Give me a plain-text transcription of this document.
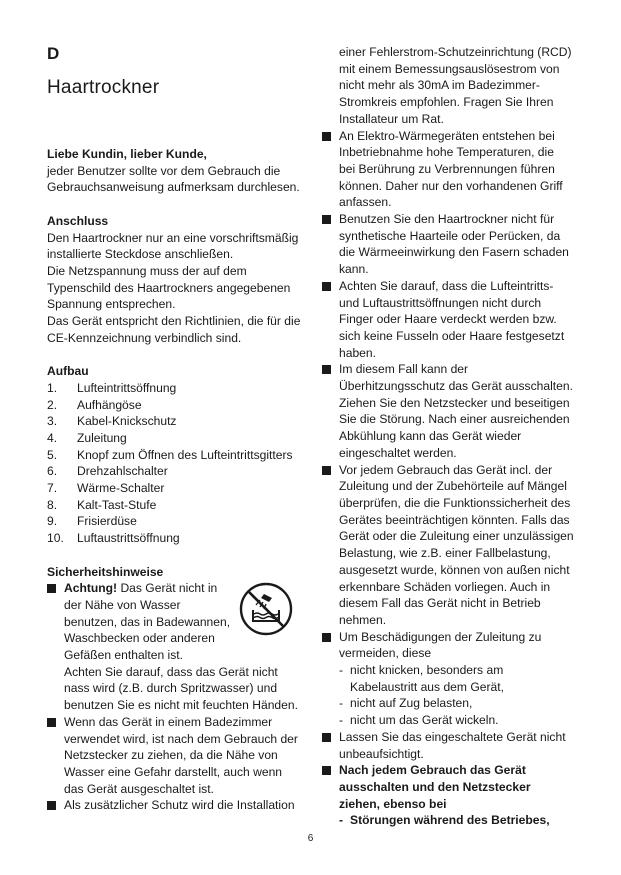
D
Haartrockner

Liebe Kundin, lieber Kunde,

jeder Benutzer sollte vor dem Gebrauch die

Gebrauchsanweisung aufmerksam durchlesen.

Anschluss

Den Haartrockner nur an eine vorschriftsmäßig

installierte Steckdose anschließen.

Die Netzspannung muss der auf dem

Typenschild des Haartrockners angegebenen

Spannung entsprechen.

Das Gerät entspricht den Richtlinien, die für die

CE-Kennzeichnung verbindlich sind.

Aufbau

1. Lufteintrittsöffnung
2. Aufhängöse
3. Kabel-Knickschutz
4. Zuleitung
5. Knopf zum Öffnen des Lufteintrittsgitters
6. Drehzahlschalter
7. Wärme-Schalter
8. Kalt-Tast-Stufe
9. Frisierdüse
10. Luftaustrittsöffnung

Sicherheitshinweise

Achtung! Das Gerät nicht in

der Nähe von Wasser

benutzen, das in Badewannen,

Waschbecken oder anderen

Gefäßen enthalten ist.

Achten Sie darauf, dass das Gerät nicht

nass wird (z.B. durch Spritzwasser) und

benutzen Sie es nicht mit feuchten Händen.

Wenn das Gerät in einem Badezimmer

verwendet wird, ist nach dem Gebrauch der

Netzstecker zu ziehen, da die Nähe von

Wasser eine Gefahr darstellt, auch wenn

das Gerät ausgeschaltet ist.

Als zusätzlicher Schutz wird die Installation

einer Fehlerstrom-Schutzeinrichtung (RCD)

mit einem Bemessungsauslösestrom von

nicht mehr als 30mA im Badezimmer-

Stromkreis empfohlen. Fragen Sie Ihren

Installateur um Rat.

An Elektro-Wärmegeräten entstehen bei

Inbetriebnahme hohe Temperaturen, die

bei Berührung zu Verbrennungen führen

können. Daher nur den vorhandenen Griff

anfassen.

Benutzen Sie den Haartrockner nicht für

synthetische Haarteile oder Perücken, da

die Wärmeeinwirkung den Fasern schaden

kann.

Achten Sie darauf, dass die Lufteintritts-

und Luftaustrittsöffnungen nicht durch

Finger oder Haare verdeckt werden bzw.

sich keine Fusseln oder Haare festgesetzt

haben.

Im diesem Fall kann der

Überhitzungsschutz das Gerät ausschalten.

Ziehen Sie den Netzstecker und beseitigen

Sie die Störung. Nach einer ausreichenden

Abkühlung kann das Gerät wieder

eingeschaltet werden.

Vor jedem Gebrauch das Gerät incl. der

Zuleitung und der Zubehörteile auf Mängel

überprüfen, die die Funktionssicherheit des

Gerätes beeinträchtigen könnten. Falls das

Gerät oder die Zuleitung einer unzulässigen

Belastung, wie z.B. einer Fallbelastung,

ausgesetzt wurde, können von außen nicht

erkennbare Schäden vorliegen. Auch in

diesem Fall das Gerät nicht in Betrieb

nehmen.

Um Beschädigungen der Zuleitung zu

vermeiden, diese

- nicht knicken, besonders am

Kabelaustritt aus dem Gerät,

- nicht auf Zug belasten,
- nicht um das Gerät wickeln.
Lassen Sie das eingeschaltete Gerät nicht

unbeaufsichtigt.

Nach jedem Gebrauch das Gerät

ausschalten und den Netzstecker

ziehen, ebenso bei

- Störungen während des Betriebes,
6
